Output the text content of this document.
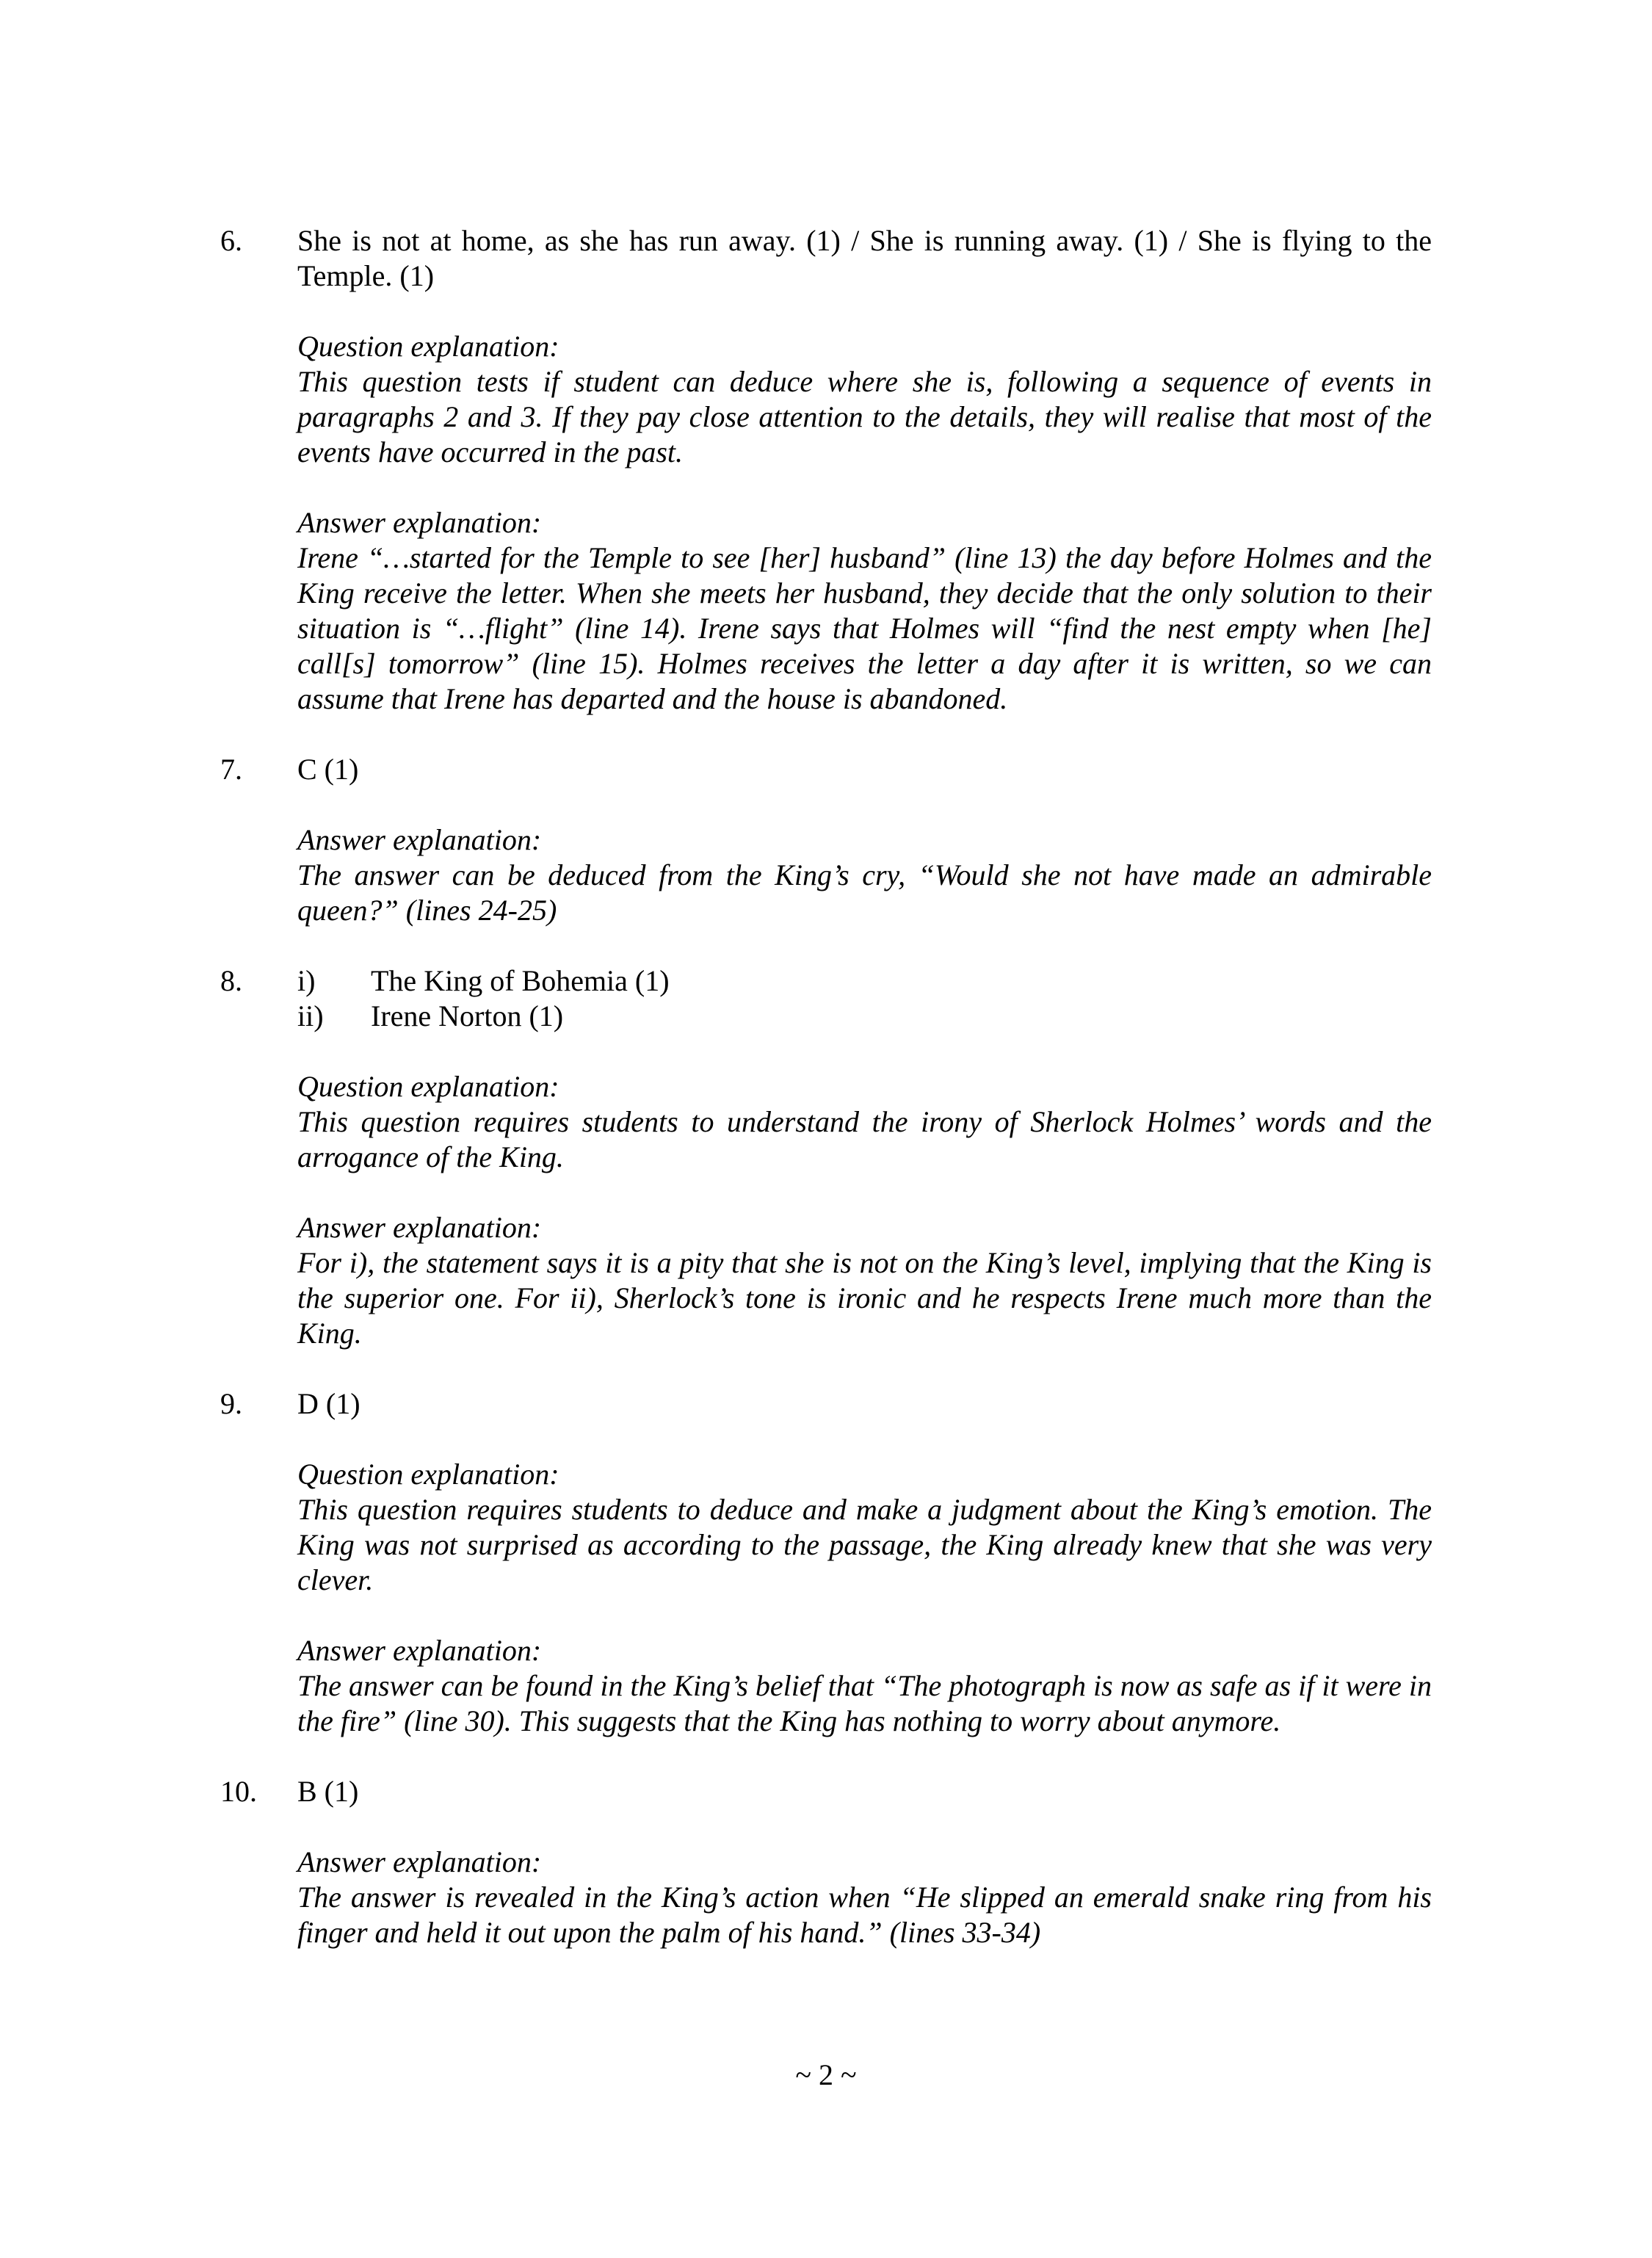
6.	She is not at home, as she has run away. (1) / She is running away. (1) / She is flying to the Temple. (1)

Question explanation:

This question tests if student can deduce where she is, following a sequence of events in paragraphs 2 and 3. If they pay close attention to the details, they will realise that most of the events have occurred in the past.

Answer explanation:

Irene “…started for the Temple to see [her] husband” (line 13) the day before Holmes and the King receive the letter. When she meets her husband, they decide that the only solution to their situation is “…flight” (line 14). Irene says that Holmes will “find the nest empty when [he] call[s] tomorrow” (line 15). Holmes receives the letter a day after it is written, so we can assume that Irene has departed and the house is abandoned.

7.	C (1)

Answer explanation:

The answer can be deduced from the King’s cry, “Would she not have made an admirable queen?” (lines 24-25)

8.	i)	The King of Bohemia (1)
ii)	Irene Norton (1)

Question explanation:

This question requires students to understand the irony of Sherlock Holmes’ words and the arrogance of the King.

Answer explanation:

For i), the statement says it is a pity that she is not on the King’s level, implying that the King is the superior one. For ii), Sherlock’s tone is ironic and he respects Irene much more than the King.

9.	D (1)

Question explanation:

This question requires students to deduce and make a judgment about the King’s emotion. The King was not surprised as according to the passage, the King already knew that she was very clever.

Answer explanation:

The answer can be found in the King’s belief that “The photograph is now as safe as if it were in the fire” (line 30). This suggests that the King has nothing to worry about anymore.

10.	B (1)

Answer explanation:

The answer is revealed in the King’s action when “He slipped an emerald snake ring from his finger and held it out upon the palm of his hand.” (lines 33-34)

~ 2 ~
